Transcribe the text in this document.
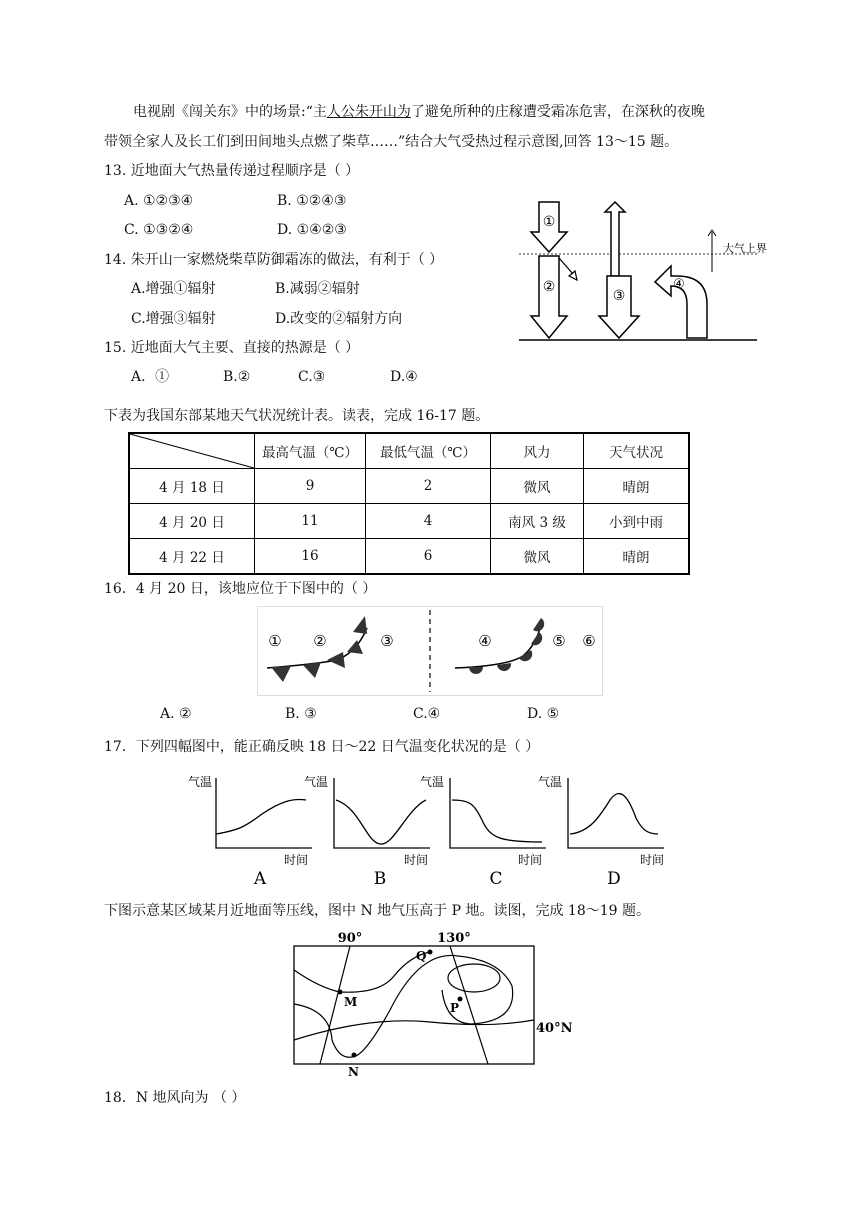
电视剧《闯关东》中的场景:“主人公朱开山为了避免所种的庄稼遭受霜冻危害，在深秋的夜晚
带领全家人及长工们到田间地头点燃了柴草……”结合大气受热过程示意图,回答 13～15 题。
13. 近地面大气热量传递过程顺序是（ ）
A. ①②③④	B. ①②④③
C. ①③②④	D. ①④②③
14. 朱开山一家燃烧柴草防御霜冻的做法，有利于（ ）
A.增强①辐射	B.减弱②辐射
C.增强③辐射	D.改变的②辐射方向
15. 近地面大气主要、直接的热源是（ ）
A．①	B.②	C.③	D.④
①
②
③
④
大气上界
下表为我国东部某地天气状况统计表。读表，完成 16-17 题。
	最高气温（℃）	最低气温（℃）	风力	天气状况
4 月 18 日	9	2	微风	晴朗
4 月 20 日	11	4	南风 3 级	小到中雨
4 月 22 日	16	6	微风	晴朗
16．4 月 20 日，该地应位于下图中的（ ）
① ②	③	④	⑤ ⑥
A. ②	B. ③	C.④	D. ⑤
17．下列四幅图中，能正确反映 18 日～22 日气温变化状况的是（ ）
气温
时间
A
气温
时间
B
气温
时间
C
气温
时间
D
下图示意某区域某月近地面等压线，图中 N 地气压高于 P 地。读图，完成 18～19 题。
90°	130°
40°N
Q
M	P
N
18．N 地风向为 （ ）
